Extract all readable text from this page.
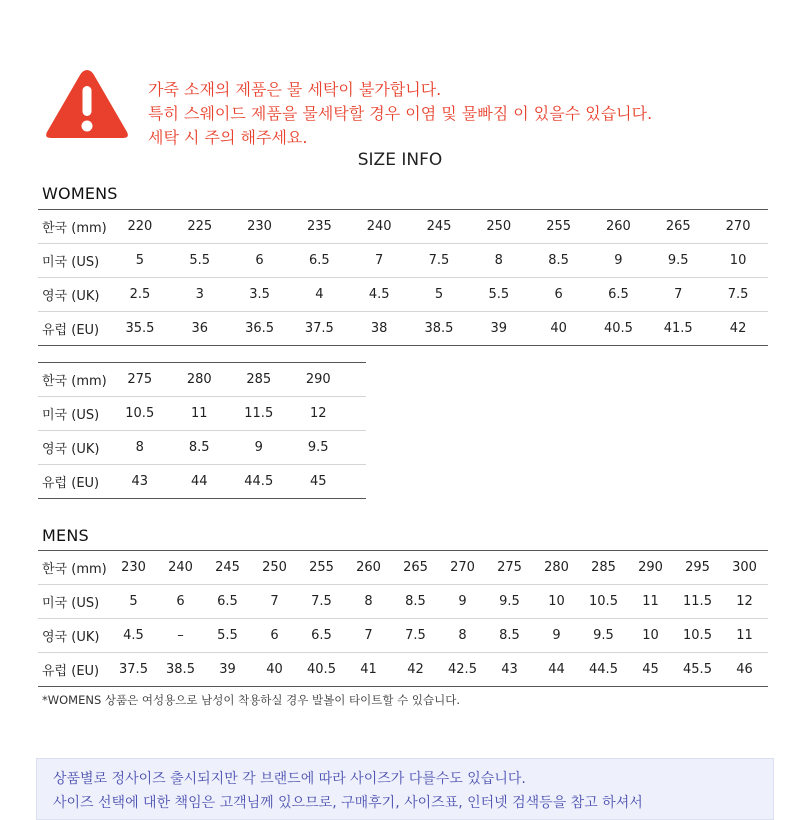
가죽 소재의 제품은 물 세탁이 불가합니다.
특히 스웨이드 제품을 물세탁할 경우 이염 및 물빠짐 이 있을수 있습니다.
세탁 시 주의 해주세요.
SIZE INFO
WOMENS
한국 (mm)	220	225	230	235	240	245	250	255	260	265	270
미국 (US)	5	5.5	6	6.5	7	7.5	8	8.5	9	9.5	10
영국 (UK)	2.5	3	3.5	4	4.5	5	5.5	6	6.5	7	7.5
유럽 (EU)	35.5	36	36.5	37.5	38	38.5	39	40	40.5	41.5	42
한국 (mm)	275	280	285	290	
미국 (US)	10.5	11	11.5	12	
영국 (UK)	8	8.5	9	9.5	
유럽 (EU)	43	44	44.5	45	
MENS
한국 (mm)	230	240	245	250	255	260	265	270	275	280	285	290	295	300
미국 (US)	5	6	6.5	7	7.5	8	8.5	9	9.5	10	10.5	11	11.5	12
영국 (UK)	4.5	–	5.5	6	6.5	7	7.5	8	8.5	9	9.5	10	10.5	11
유럽 (EU)	37.5	38.5	39	40	40.5	41	42	42.5	43	44	44.5	45	45.5	46
*WOMENS 상품은 여성용으로 남성이 착용하실 경우 발볼이 타이트할 수 있습니다.
상품별로 정사이즈 출시되지만 각 브랜드에 따라 사이즈가 다를수도 있습니다.
사이즈 선택에 대한 책임은 고객님께 있으므로, 구매후기, 사이즈표, 인터넷 검색등을 참고 하셔서
